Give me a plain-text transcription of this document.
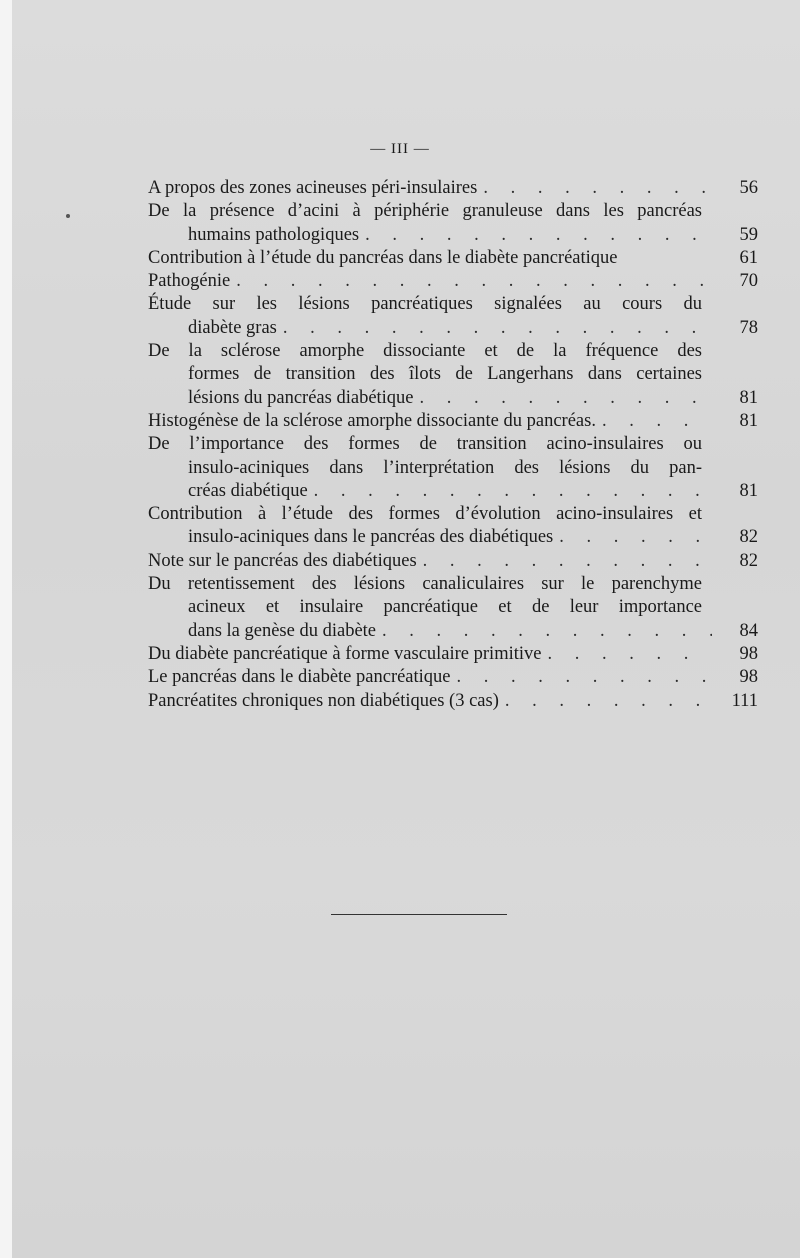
— III —
A propos des zones acineuses péri-insulaires . . .	56
De la présence d’acini à périphérie granuleuse dans les pancréas
humains pathologiques . . .	59
Contribution à l’étude du pancréas dans le diabète pancréatique	61
Pathogénie . . .	70
Étude sur les lésions pancréatiques signalées au cours du
diabète gras . . .	78
De la sclérose amorphe dissociante et de la fréquence des
formes de transition des îlots de Langerhans dans certaines
lésions du pancréas diabétique . . .	81
Histogénèse de la sclérose amorphe dissociante du pancréas. . . .	81
De l’importance des formes de transition acino-insulaires ou
insulo-aciniques dans l’interprétation des lésions du pan-
créas diabétique . . .	81
Contribution à l’étude des formes d’évolution acino-insulaires et
insulo-aciniques dans le pancréas des diabétiques . . .	82
Note sur le pancréas des diabétiques . . .	82
Du retentissement des lésions canaliculaires sur le parenchyme
acineux et insulaire pancréatique et de leur importance
dans la genèse du diabète . . .	84
Du diabète pancréatique à forme vasculaire primitive . . .	98
Le pancréas dans le diabète pancréatique . . .	98
Pancréatites chroniques non diabétiques (3 cas) . . .	111
